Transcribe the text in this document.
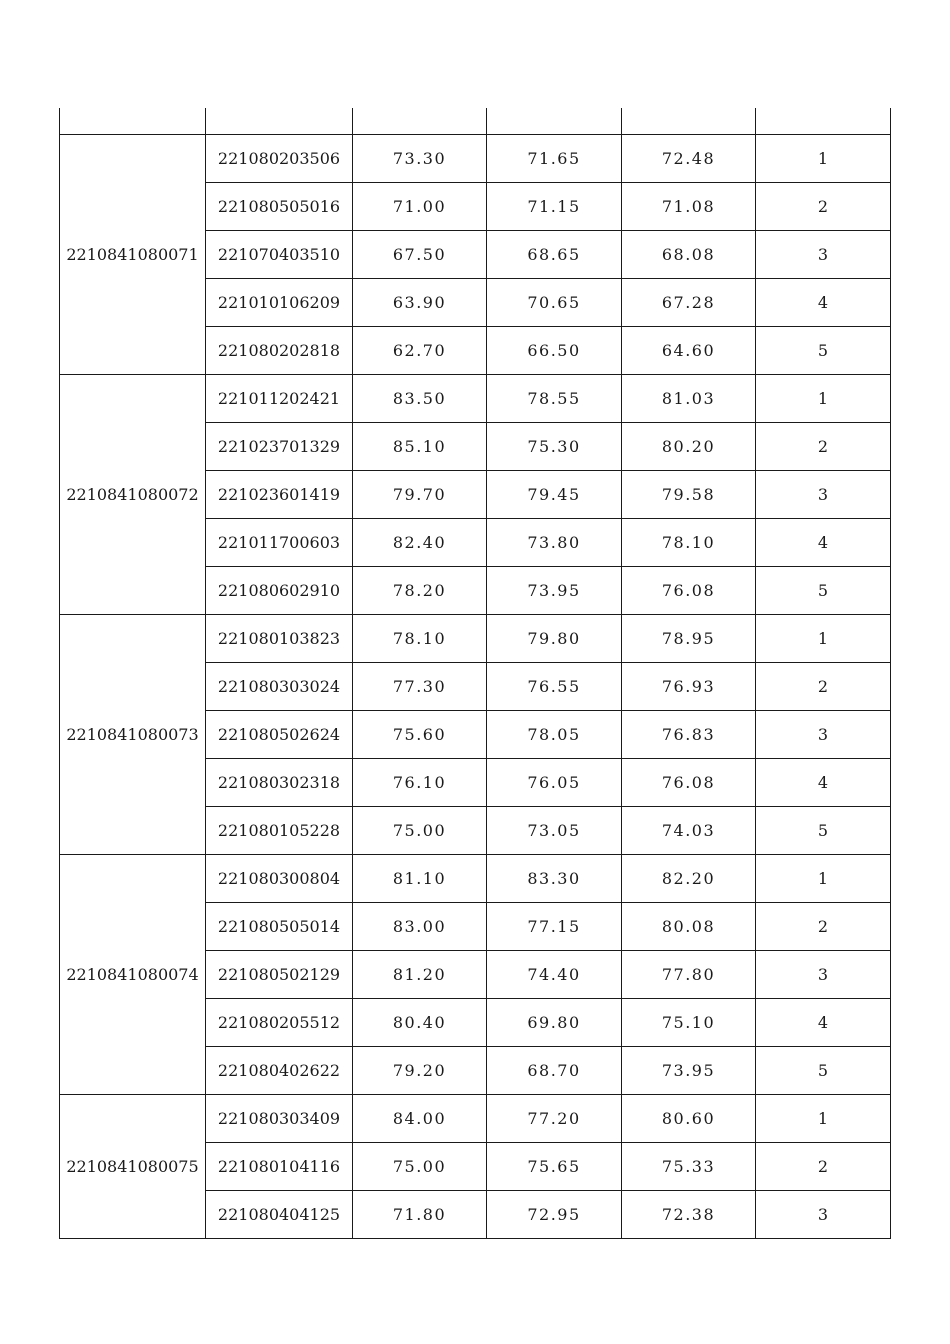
2210841080071	221080203506	73.30	71.65	72.48	1
	221080505016	71.00	71.15	71.08	2
	221070403510	67.50	68.65	68.08	3
	221010106209	63.90	70.65	67.28	4
	221080202818	62.70	66.50	64.60	5
2210841080072	221011202421	83.50	78.55	81.03	1
	221023701329	85.10	75.30	80.20	2
	221023601419	79.70	79.45	79.58	3
	221011700603	82.40	73.80	78.10	4
	221080602910	78.20	73.95	76.08	5
2210841080073	221080103823	78.10	79.80	78.95	1
	221080303024	77.30	76.55	76.93	2
	221080502624	75.60	78.05	76.83	3
	221080302318	76.10	76.05	76.08	4
	221080105228	75.00	73.05	74.03	5
2210841080074	221080300804	81.10	83.30	82.20	1
	221080505014	83.00	77.15	80.08	2
	221080502129	81.20	74.40	77.80	3
	221080205512	80.40	69.80	75.10	4
	221080402622	79.20	68.70	73.95	5
2210841080075	221080303409	84.00	77.20	80.60	1
	221080104116	75.00	75.65	75.33	2
	221080404125	71.80	72.95	72.38	3
